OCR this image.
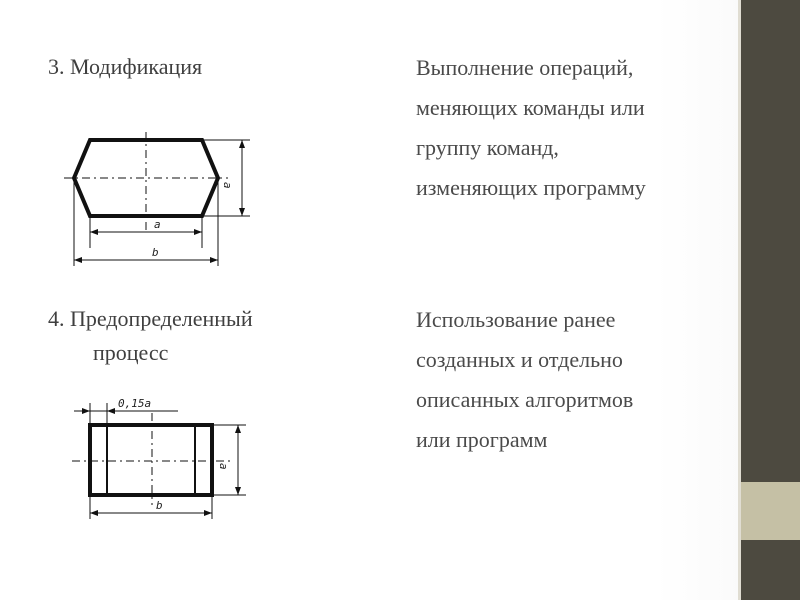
3. Модификация
a
a
b
Выполнение операций,
меняющих команды или
группу команд,
изменяющих программу
4. Предопределенный
процесс
0,15a
a
b
Использование ранее
созданных и отдельно
описанных алгоритмов
или программ
